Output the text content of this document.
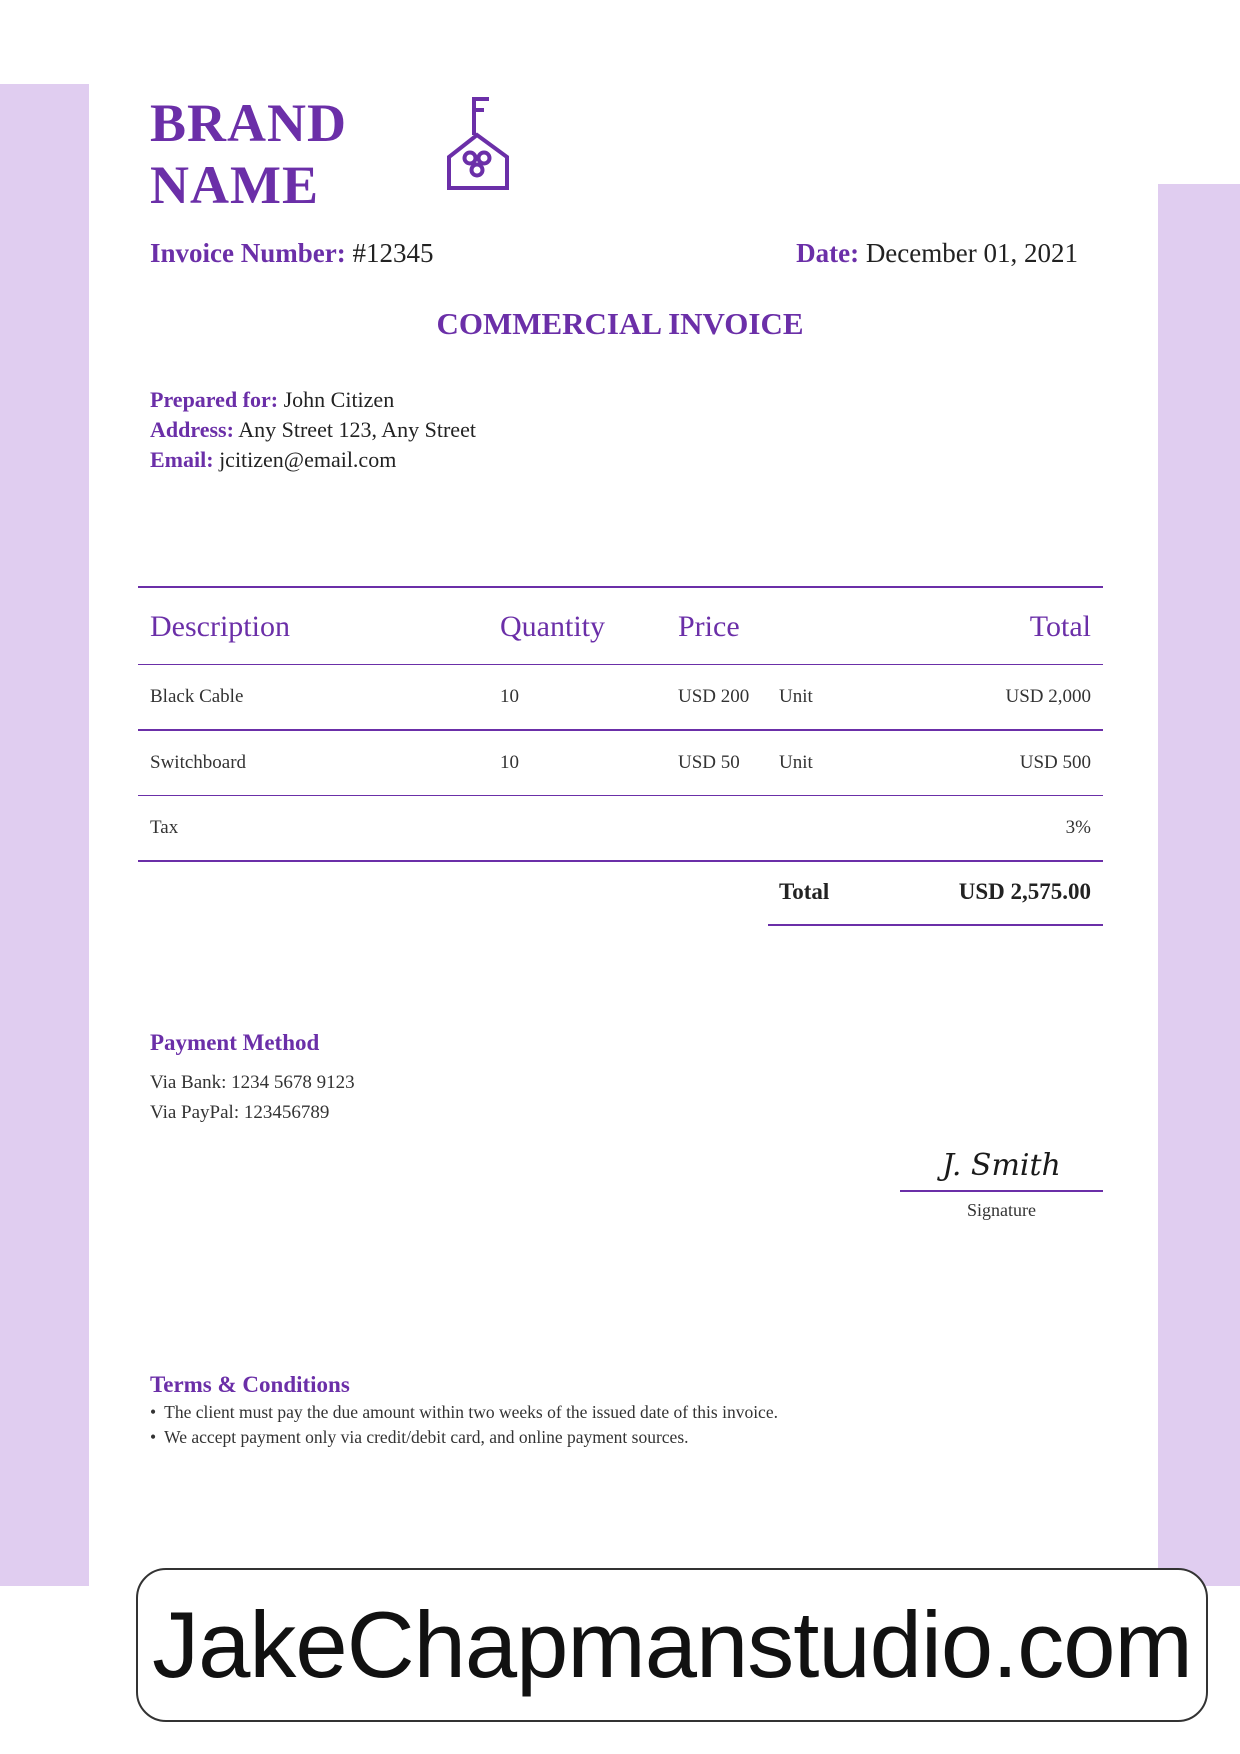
BRAND
NAME
Invoice Number: #12345	Date: December 01, 2021
COMMERCIAL INVOICE
Prepared for: John Citizen
Address: Any Street 123, Any Street
Email: jcitizen@email.com
Description	Quantity Price	Total
Black Cable	10	USD 200 Unit	USD 2,000
Switchboard	10	USD 50 Unit	USD 500
Tax	3%
Total	USD 2,575.00
Payment Method
Via Bank: 1234 5678 9123
Via PayPal: 123456789
J. Smith
Signature
Terms & Conditions
• The client must pay the due amount within two weeks of the issued date of this invoice.
• We accept payment only via credit/debit card, and online payment sources.
JakeChapmanstudio.com
